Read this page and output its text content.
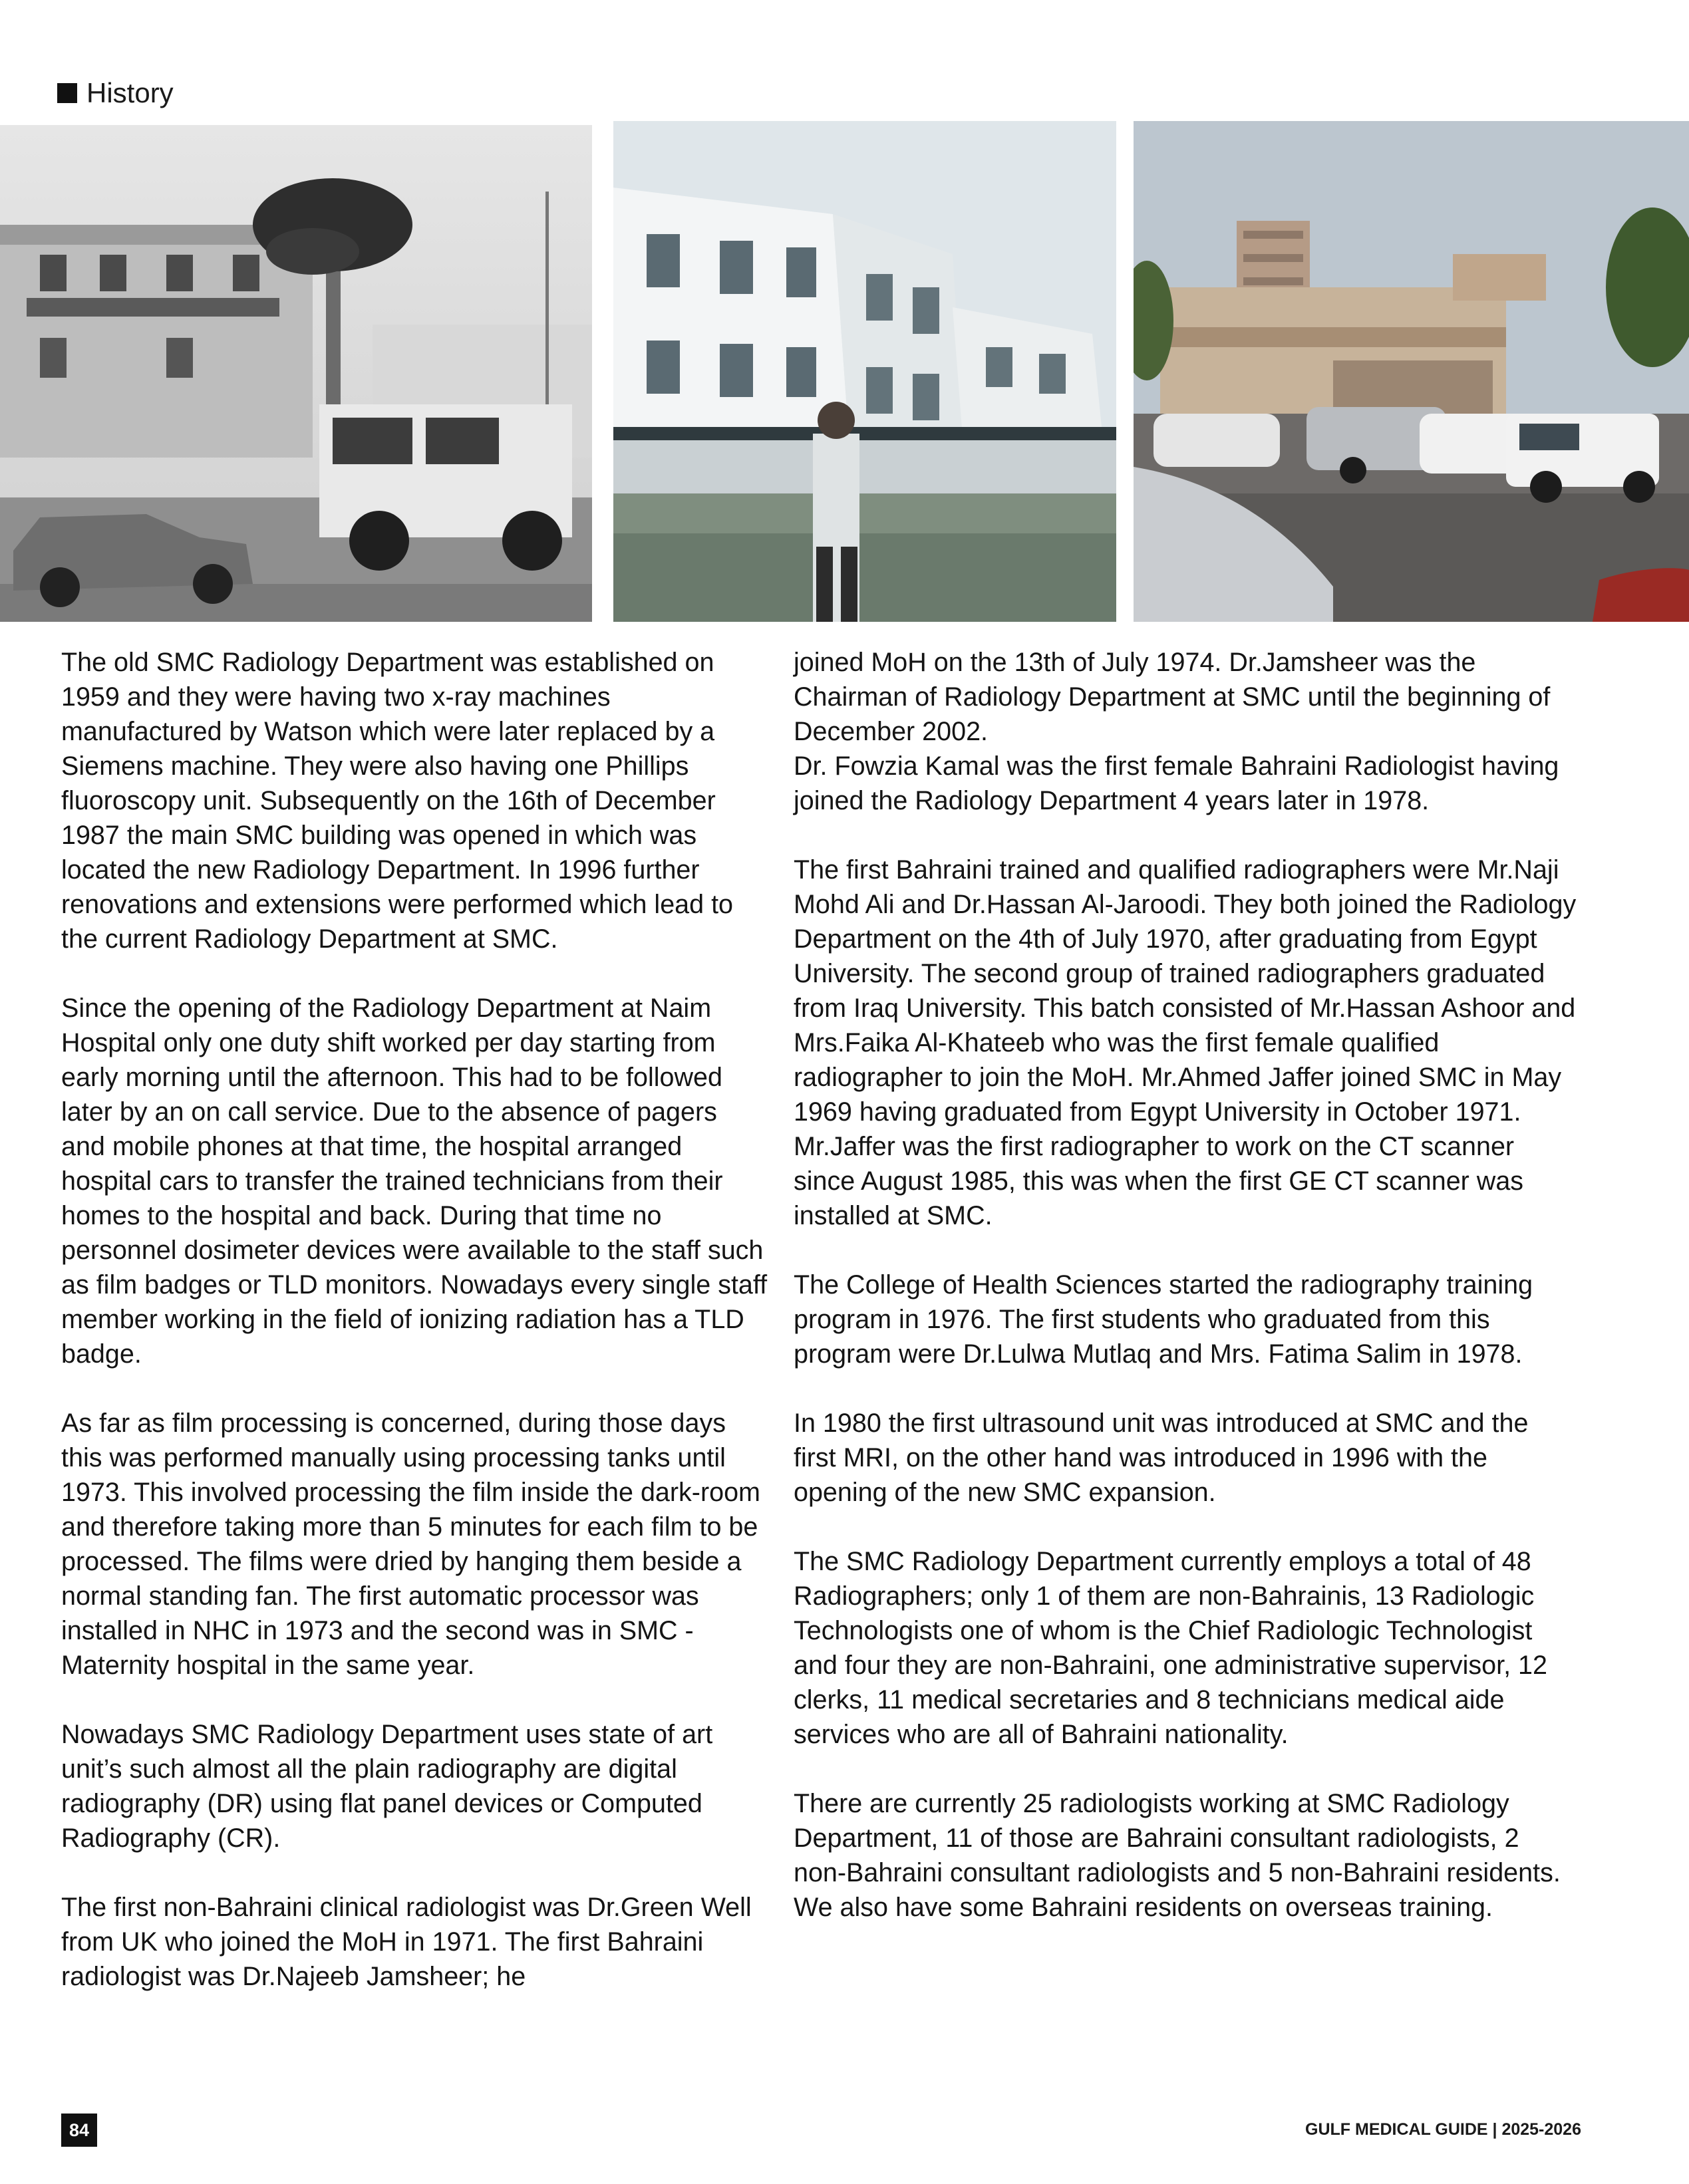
History

The old SMC Radiology Department was established on 1959 and they were having two x-ray machines manufactured by Watson which were later replaced by a Siemens machine. They were also having one Phillips fluoroscopy unit. Subsequently on the 16th of December 1987 the main SMC building was opened in which was located the new Radiology Department. In 1996 further renovations and extensions were performed which lead to the current Radiology Department at SMC.

Since the opening of the Radiology Department at Naim Hospital only one duty shift worked per day starting from early morning until the afternoon. This had to be followed later by an on call service. Due to the absence of pagers and mobile phones at that time, the hospital arranged hospital cars to transfer the trained technicians from their homes to the hospital and back. During that time no personnel dosimeter devices were available to the staff such as film badges or TLD monitors. Nowadays every single staff member working in the field of ionizing radiation has a TLD badge.

As far as film processing is concerned, during those days this was performed manually using processing tanks until 1973. This involved processing the film inside the dark-room and therefore taking more than 5 minutes for each film to be processed. The films were dried by hanging them beside a normal standing fan. The first automatic processor was installed in NHC in 1973 and the second was in SMC - Maternity hospital in the same year.

Nowadays SMC Radiology Department uses state of art unit’s such almost all the plain radiography are digital radiography (DR) using flat panel devices or Computed Radiography (CR).

The first non-Bahraini clinical radiologist was Dr.Green Well from UK who joined the MoH in 1971. The first Bahraini radiologist was Dr.Najeeb Jamsheer; he

joined MoH on the 13th of July 1974. Dr.Jamsheer was the Chairman of Radiology Department at SMC until the beginning of December 2002.
Dr. Fowzia Kamal was the first female Bahraini Radiologist having joined the Radiology Department 4 years later in 1978.

The first Bahraini trained and qualified radiographers were Mr.Naji Mohd Ali and Dr.Hassan Al-Jaroodi. They both joined the Radiology Department on the 4th of July 1970, after graduating from Egypt University. The second group of trained radiographers graduated from Iraq University. This batch consisted of Mr.Hassan Ashoor and Mrs.Faika Al-Khateeb who was the first female qualified radiographer to join the MoH. Mr.Ahmed Jaffer joined SMC in May 1969 having graduated from Egypt University in October 1971. Mr.Jaffer was the first radiographer to work on the CT scanner since August 1985, this was when the first GE CT scanner was installed at SMC.

The College of Health Sciences started the radiography training program in 1976. The first students who graduated from this program were Dr.Lulwa Mutlaq and Mrs. Fatima Salim in 1978.

In 1980 the first ultrasound unit was introduced at SMC and the first MRI, on the other hand was introduced in 1996 with the opening of the new SMC expansion.

The SMC Radiology Department currently employs a total of 48 Radiographers; only 1 of them are non-Bahrainis, 13 Radiologic Technologists one of whom is the Chief Radiologic Technologist and four they are non-Bahraini, one administrative supervisor, 12 clerks, 11 medical secretaries and 8 technicians medical aide services who are all of Bahraini nationality.

There are currently 25 radiologists working at SMC Radiology Department, 11 of those are Bahraini consultant radiologists, 2 non-Bahraini consultant radiologists and 5 non-Bahraini residents. We also have some Bahraini residents on overseas training.

84	GULF MEDICAL GUIDE | 2025-2026
